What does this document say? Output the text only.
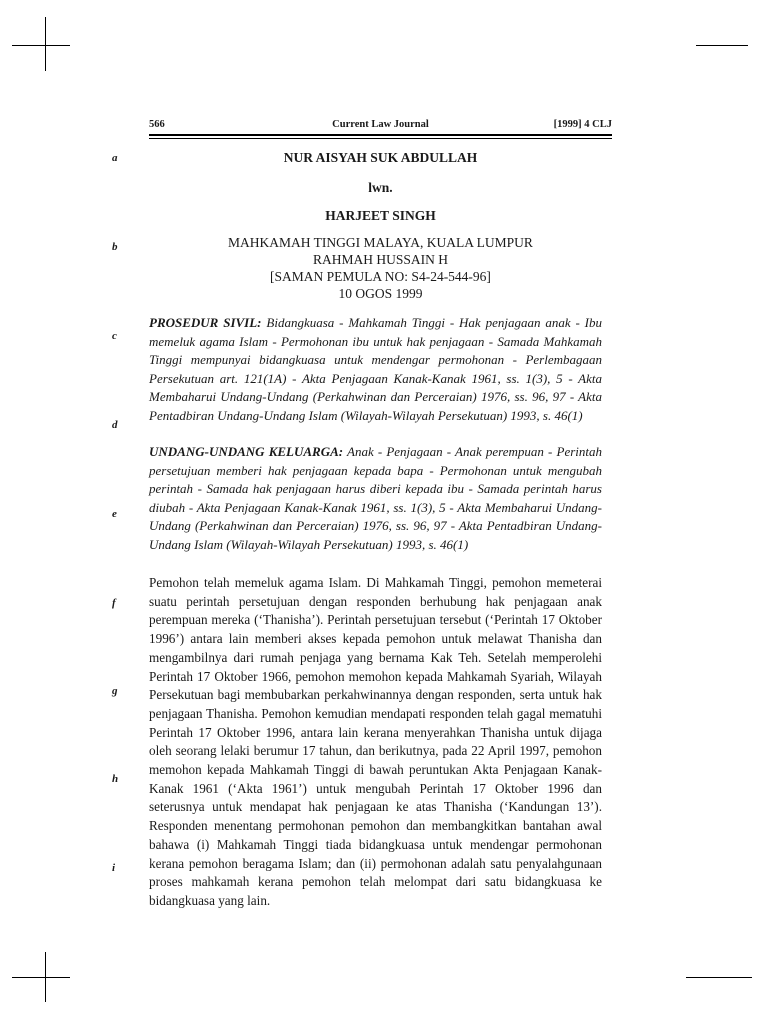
566	Current Law Journal	[1999] 4 CLJ
a
b
c
d
e
f
g
h
i
NUR AISYAH SUK ABDULLAH
lwn.
HARJEET SINGH
MAHKAMAH TINGGI MALAYA, KUALA LUMPUR
RAHMAH HUSSAIN H
[SAMAN PEMULA NO: S4-24-544-96]
10 OGOS 1999
PROSEDUR SIVIL: Bidangkuasa - Mahkamah Tinggi - Hak penjagaan anak - Ibu memeluk agama Islam - Permohonan ibu untuk hak penjagaan - Samada Mahkamah Tinggi mempunyai bidangkuasa untuk mendengar permohonan - Perlembagaan Persekutuan art. 121(1A) - Akta Penjagaan Kanak-Kanak 1961, ss. 1(3), 5 - Akta Membaharui Undang-Undang (Perkahwinan dan Perceraian) 1976, ss. 96, 97 - Akta Pentadbiran Undang-Undang Islam (Wilayah-Wilayah Persekutuan) 1993, s. 46(1)
UNDANG-UNDANG KELUARGA: Anak - Penjagaan - Anak perempuan - Perintah persetujuan memberi hak penjagaan kepada bapa - Permohonan untuk mengubah perintah - Samada hak penjagaan harus diberi kepada ibu - Samada perintah harus diubah - Akta Penjagaan Kanak-Kanak 1961, ss. 1(3), 5 - Akta Membaharui Undang-Undang (Perkahwinan dan Perceraian) 1976, ss. 96, 97 - Akta Pentadbiran Undang-Undang Islam (Wilayah-Wilayah Persekutuan) 1993, s. 46(1)
Pemohon telah memeluk agama Islam. Di Mahkamah Tinggi, pemohon memeterai suatu perintah persetujuan dengan responden berhubung hak penjagaan anak perempuan mereka (‘Thanisha’). Perintah persetujuan tersebut (‘Perintah 17 Oktober 1996’) antara lain memberi akses kepada pemohon untuk melawat Thanisha dan mengambilnya dari rumah penjaga yang bernama Kak Teh. Setelah memperolehi Perintah 17 Oktober 1966, pemohon memohon kepada Mahkamah Syariah, Wilayah Persekutuan bagi membubarkan perkahwinannya dengan responden, serta untuk hak penjagaan Thanisha. Pemohon kemudian mendapati responden telah gagal mematuhi Perintah 17 Oktober 1996, antara lain kerana menyerahkan Thanisha untuk dijaga oleh seorang lelaki berumur 17 tahun, dan berikutnya, pada 22 April 1997, pemohon memohon kepada Mahkamah Tinggi di bawah peruntukan Akta Penjagaan Kanak-Kanak 1961 (‘Akta 1961’) untuk mengubah Perintah 17 Oktober 1996 dan seterusnya untuk mendapat hak penjagaan ke atas Thanisha (‘Kandungan 13’). Responden menentang permohonan pemohon dan membangkitkan bantahan awal bahawa (i) Mahkamah Tinggi tiada bidangkuasa untuk mendengar permohonan kerana pemohon beragama Islam; dan (ii) permohonan adalah satu penyalahgunaan proses mahkamah kerana pemohon telah melompat dari satu bidangkuasa ke bidangkuasa yang lain.
